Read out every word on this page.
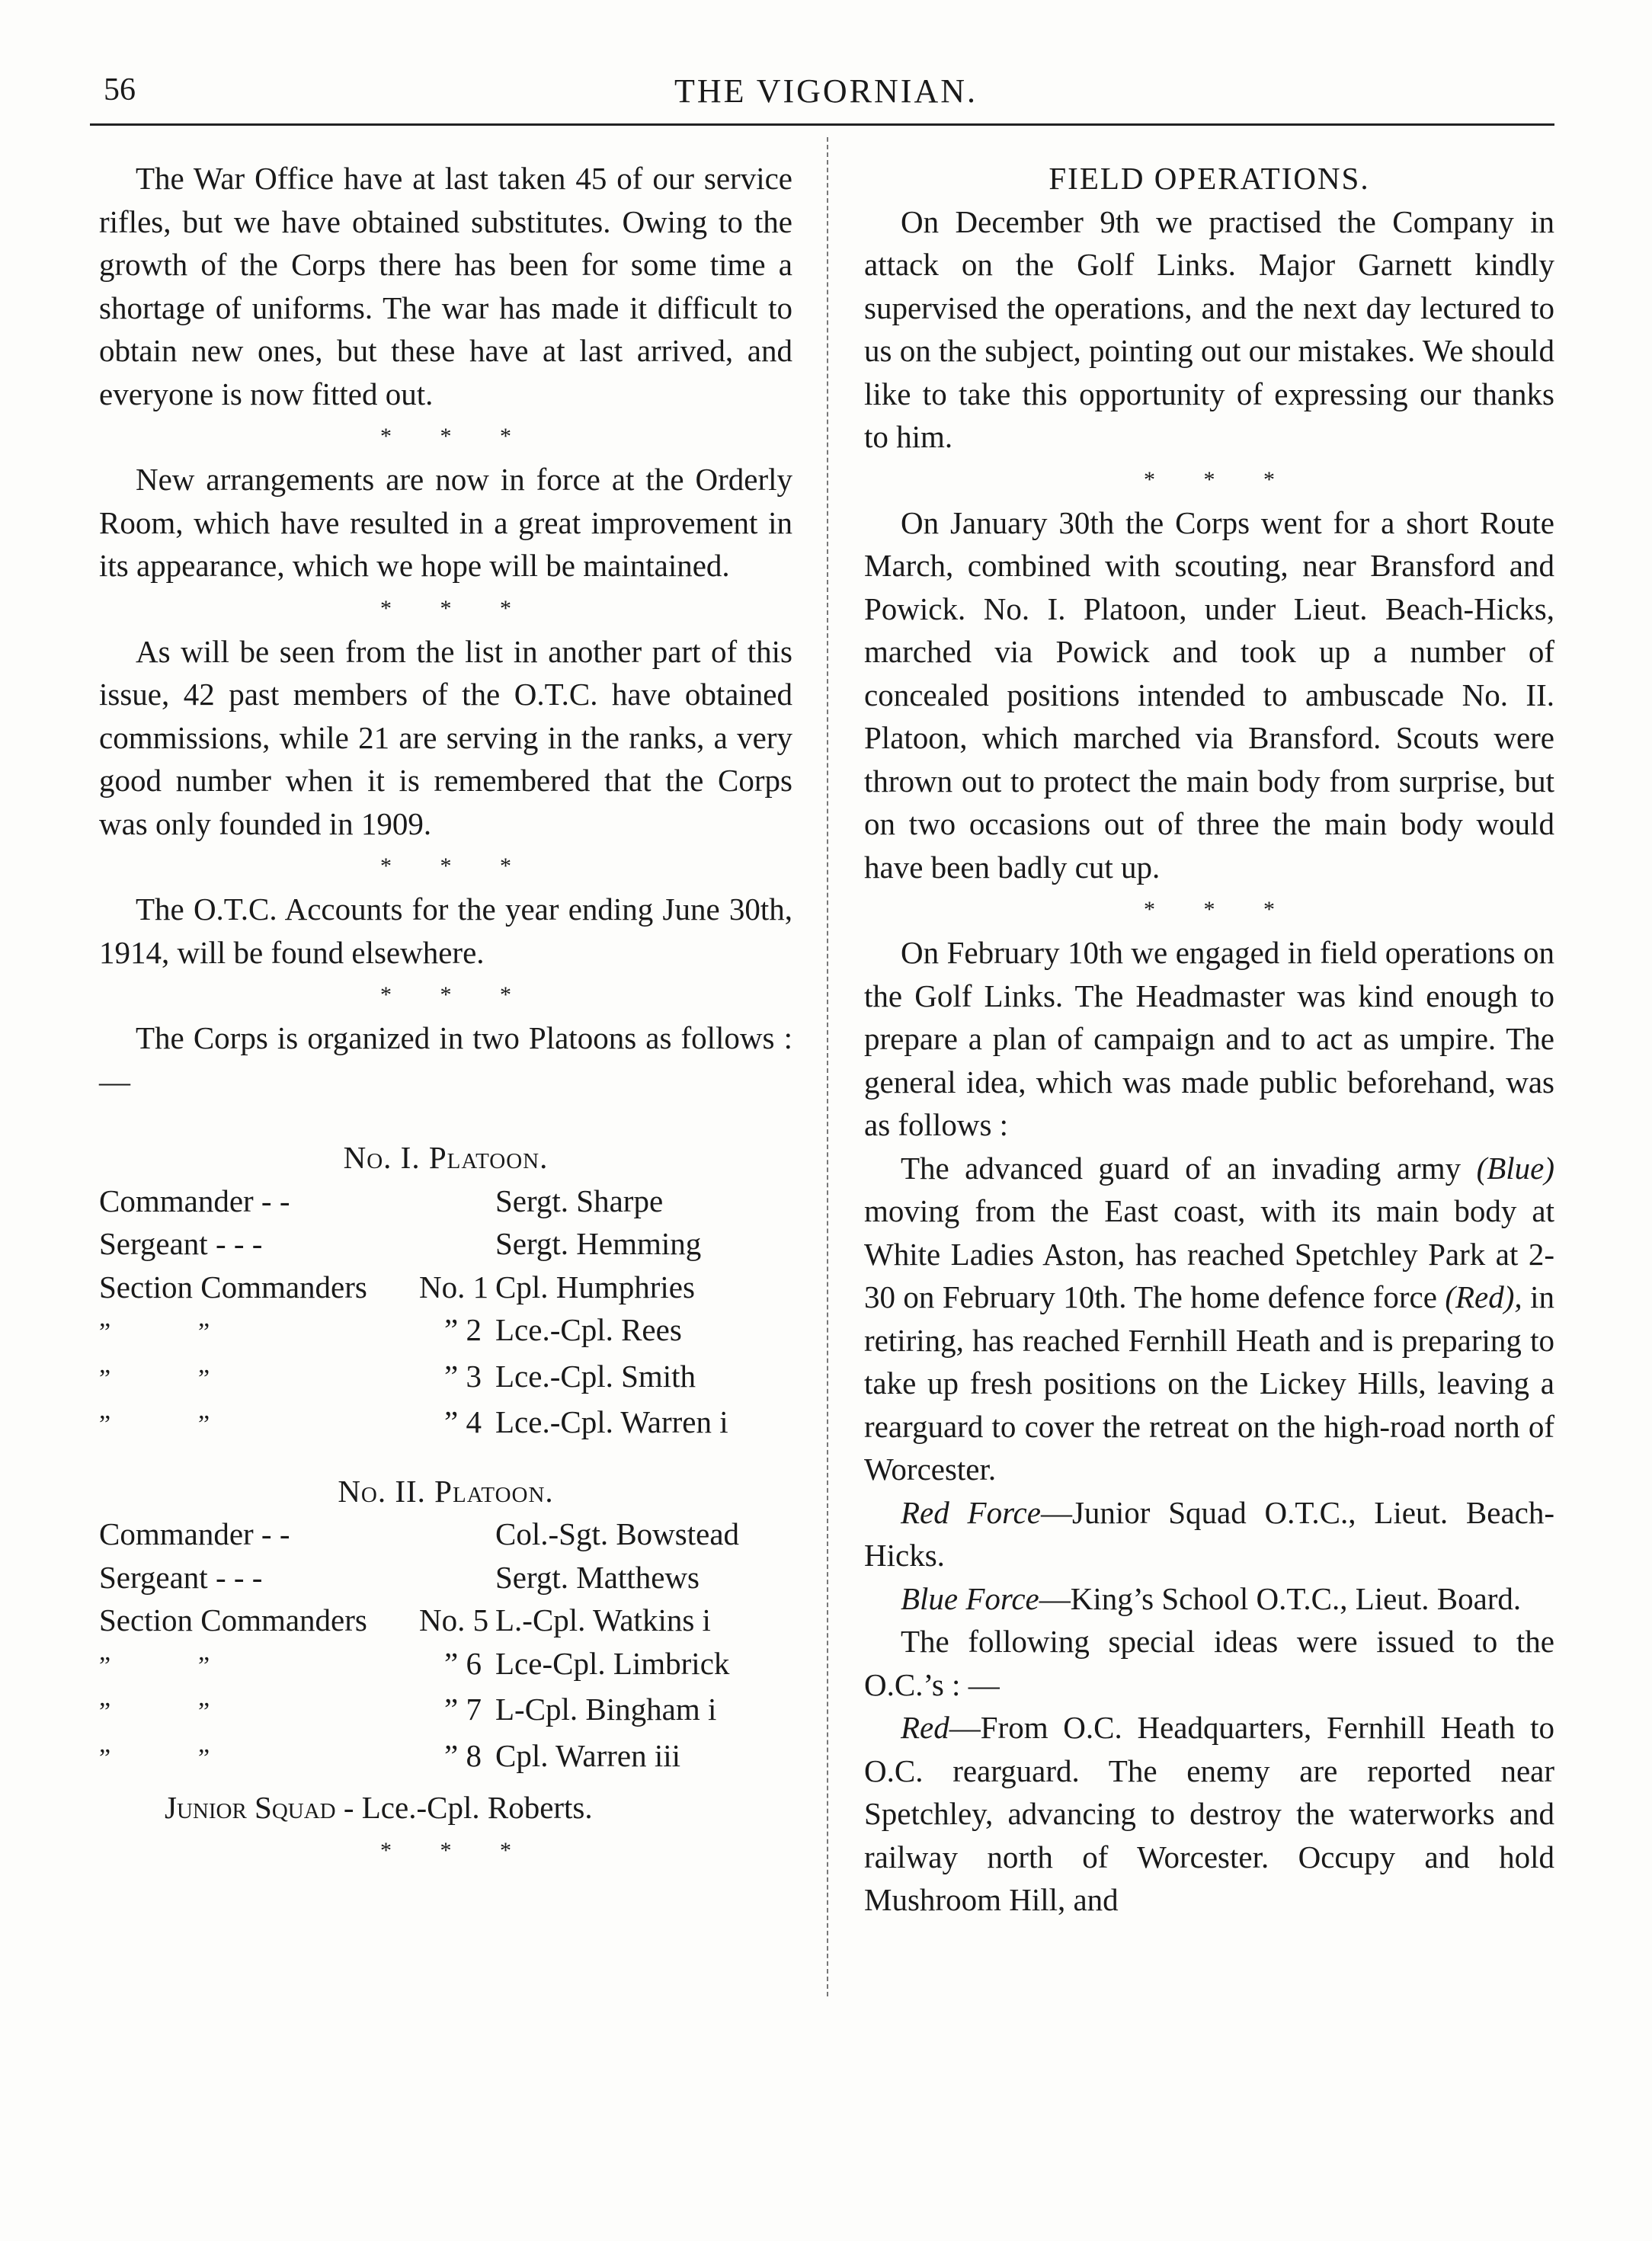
56	THE VIGORNIAN.

The War Office have at last taken 45 of our service rifles, but we have obtained substitutes. Owing to the growth of the Corps there has been for some time a shortage of uniforms. The war has made it difficult to obtain new ones, but these have at last arrived, and everyone is now fitted out.

* * *

New arrangements are now in force at the Orderly Room, which have resulted in a great improvement in its appearance, which we hope will be maintained.

* * *

As will be seen from the list in another part of this issue, 42 past members of the O.T.C. have obtained commissions, while 21 are serving in the ranks, a very good number when it is remembered that the Corps was only founded in 1909.

* * *

The O.T.C. Accounts for the year ending June 30th, 1914, will be found elsewhere.

* * *

The Corps is organized in two Platoons as follows : —

No. I. Platoon.
Commander - -		Sergt. Sharpe
Sergeant - - -		Sergt. Hemming
Section Commanders	No. 1	Cpl. Humphries
” ”	” 2	Lce.-Cpl. Rees
” ”	” 3	Lce.-Cpl. Smith
” ”	” 4	Lce.-Cpl. Warren i
No. II. Platoon.
Commander - -		Col.-Sgt. Bowstead
Sergeant - - -		Sergt. Matthews
Section Commanders	No. 5	L.-Cpl. Watkins i
” ”	” 6	Lce-Cpl. Limbrick
” ”	” 7	L-Cpl. Bingham i
” ”	” 8	Cpl. Warren iii
Junior Squad - Lce.-Cpl. Roberts.
* * *
FIELD OPERATIONS.

On December 9th we practised the Company in attack on the Golf Links. Major Garnett kindly supervised the operations, and the next day lectured to us on the subject, pointing out our mistakes. We should like to take this opportunity of expressing our thanks to him.

* * *

On January 30th the Corps went for a short Route March, combined with scouting, near Bransford and Powick. No. I. Platoon, under Lieut. Beach-Hicks, marched via Powick and took up a number of concealed positions intended to ambuscade No. II. Platoon, which marched via Bransford. Scouts were thrown out to protect the main body from surprise, but on two occasions out of three the main body would have been badly cut up.

* * *

On February 10th we engaged in field operations on the Golf Links. The Headmaster was kind enough to prepare a plan of campaign and to act as umpire. The general idea, which was made public beforehand, was as follows :

The advanced guard of an invading army (Blue) moving from the East coast, with its main body at White Ladies Aston, has reached Spetchley Park at 2-30 on February 10th. The home defence force (Red), in retiring, has reached Fernhill Heath and is preparing to take up fresh positions on the Lickey Hills, leaving a rearguard to cover the retreat on the high-road north of Worcester.

Red Force—Junior Squad O.T.C., Lieut. Beach-Hicks.

Blue Force—King’s School O.T.C., Lieut. Board.

The following special ideas were issued to the O.C.’s : —

Red—From O.C. Headquarters, Fernhill Heath to O.C. rearguard. The enemy are reported near Spetchley, advancing to destroy the waterworks and railway north of Worcester. Occupy and hold Mushroom Hill, and
